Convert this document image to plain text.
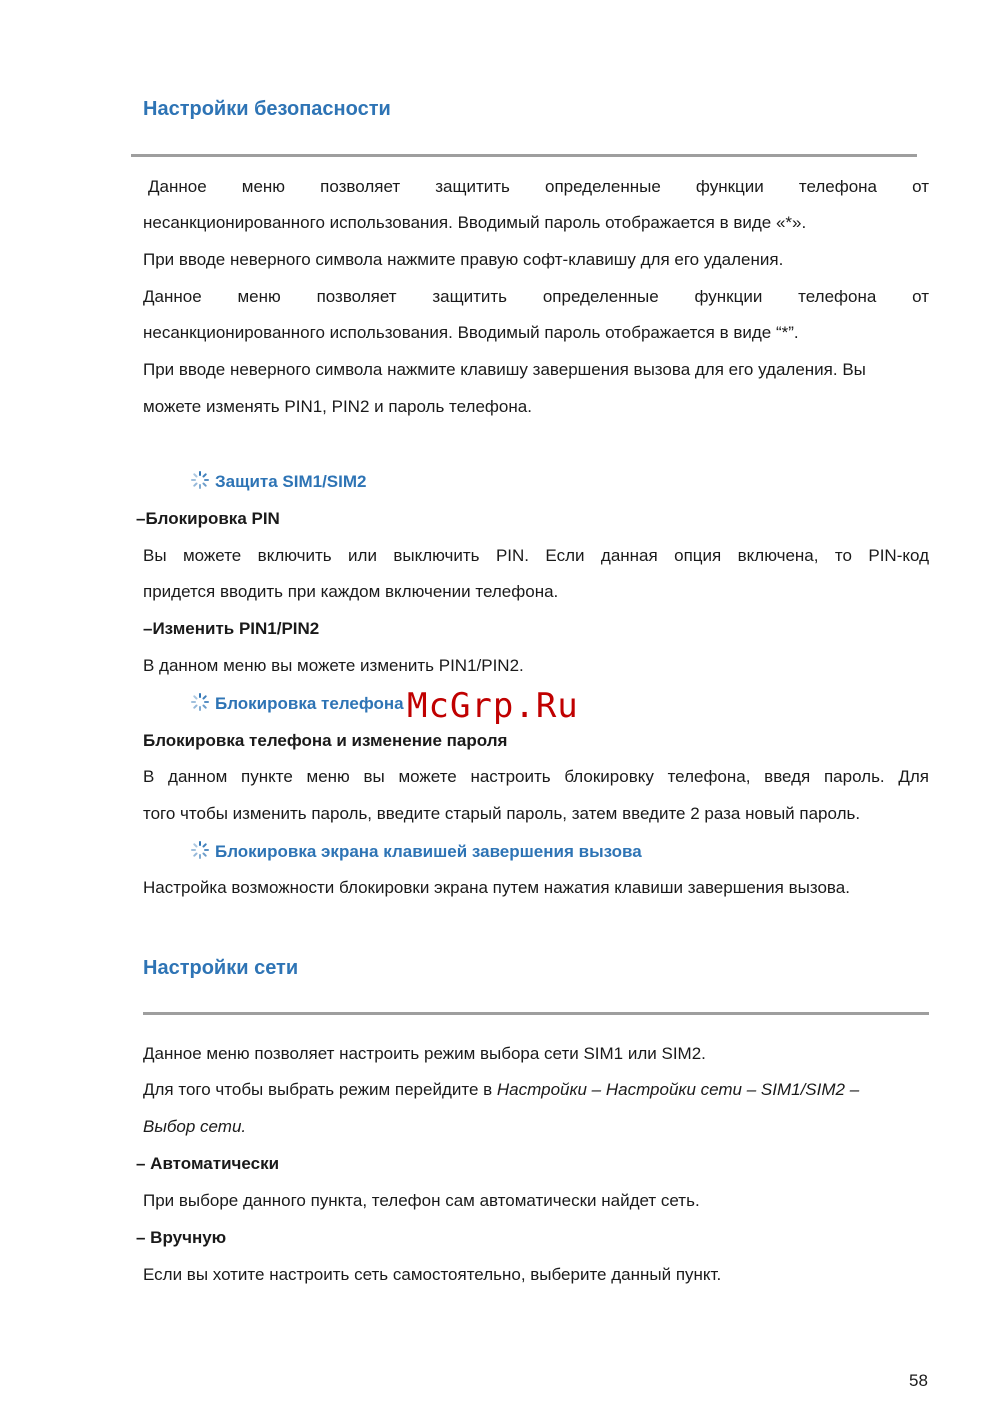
Настройки безопасности
Данное меню позволяет защитить определенные функции телефона от
несанкционированного использования. Вводимый пароль отображается в виде «*».
При вводе неверного символа нажмите правую софт-клавишу для его удаления.
Данное меню позволяет защитить определенные функции телефона от
несанкционированного использования. Вводимый пароль отображается в виде “*”.
При вводе неверного символа нажмите клавишу завершения вызова для его удаления. Вы
можете изменять PIN1, PIN2 и пароль телефона.
Защита SIM1/SIM2
–Блокировка PIN
Вы можете включить или выключить PIN. Если данная опция включена, то PIN-код
придется вводить при каждом включении телефона.
–Изменить PIN1/PIN2
В данном меню вы можете изменить PIN1/PIN2.
Блокировка телефона McGrp.Ru
Блокировка телефона и изменение пароля
В данном пункте меню вы можете настроить блокировку телефона, введя пароль. Для
того чтобы изменить пароль, введите старый пароль, затем введите 2 раза новый пароль.
Блокировка экрана клавишей завершения вызова
Настройка возможности блокировки экрана путем нажатия клавиши завершения вызова.
Настройки сети
Данное меню позволяет настроить режим выбора сети SIM1 или SIM2.
Для того чтобы выбрать режим перейдите в Настройки – Настройки сети – SIM1/SIM2 –
Выбор сети.
– Автоматически
При выборе данного пункта, телефон сам автоматически найдет сеть.
– Вручную
Если вы хотите настроить сеть самостоятельно, выберите данный пункт.
58
